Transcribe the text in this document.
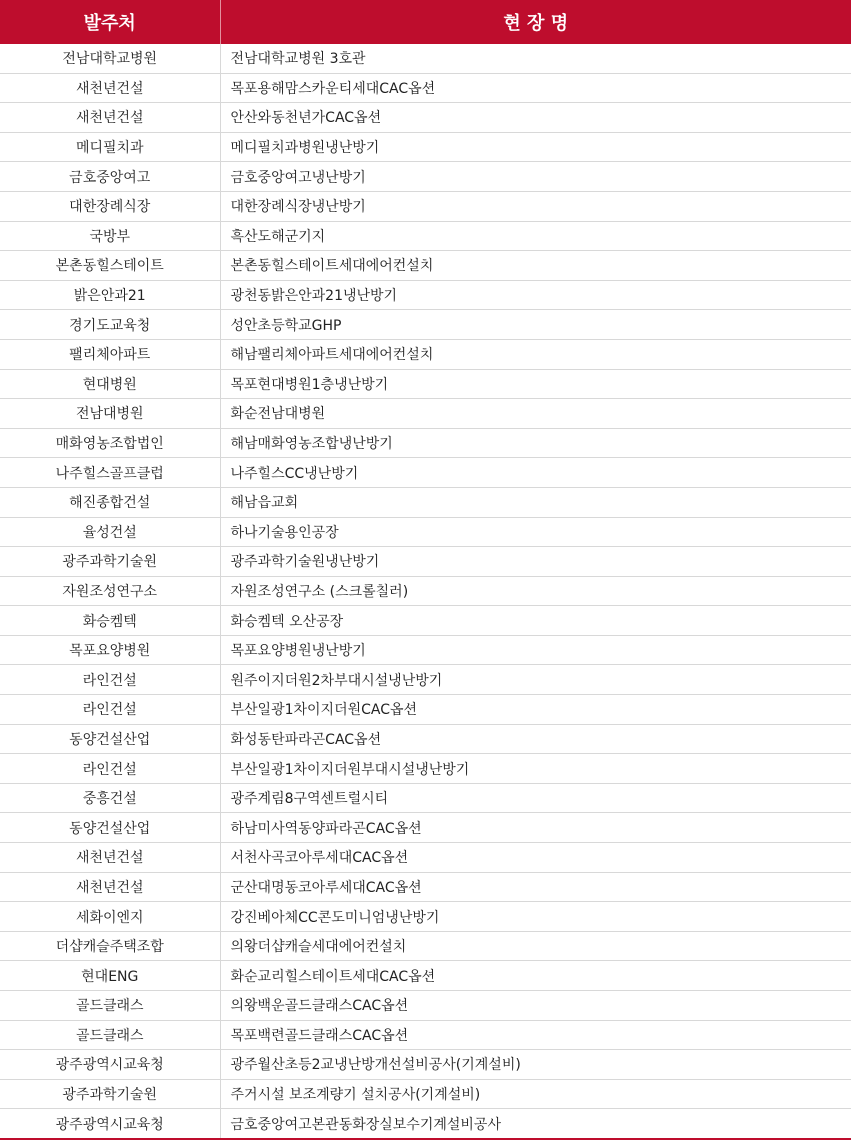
발주처	현 장 명
전남대학교병원	전남대학교병원 3호관
새천년건설	목포용해맘스카운티세대CAC옵션
새천년건설	안산와동천년가CAC옵션
메디필치과	메디필치과병원냉난방기
금호중앙여고	금호중앙여고냉난방기
대한장례식장	대한장례식장냉난방기
국방부	흑산도해군기지
본촌동힐스테이트	본촌동힐스테이트세대에어컨설치
밝은안과21	광천동밝은안과21냉난방기
경기도교육청	성안초등학교GHP
팰리체아파트	해남팰리체아파트세대에어컨설치
현대병원	목포현대병원1층냉난방기
전남대병원	화순전남대병원
매화영농조합법인	해남매화영농조합냉난방기
나주힐스골프클럽	나주힐스CC냉난방기
해진종합건설	해남읍교회
율성건설	하나기술용인공장
광주과학기술원	광주과학기술원냉난방기
자원조성연구소	자원조성연구소 (스크롤칠러)
화승켐텍	화승켐텍 오산공장
목포요양병원	목포요양병원냉난방기
라인건설	원주이지더원2차부대시설냉난방기
라인건설	부산일광1차이지더원CAC옵션
동양건설산업	화성동탄파라곤CAC옵션
라인건설	부산일광1차이지더원부대시설냉난방기
중흥건설	광주계림8구역센트럴시티
동양건설산업	하남미사역동양파라곤CAC옵션
새천년건설	서천사곡코아루세대CAC옵션
새천년건설	군산대명동코아루세대CAC옵션
세화이엔지	강진베아체CC콘도미니엄냉난방기
더샵캐슬주택조합	의왕더샵캐슬세대에어컨설치
현대ENG	화순교리힐스테이트세대CAC옵션
골드클래스	의왕백운골드클래스CAC옵션
골드클래스	목포백련골드클래스CAC옵션
광주광역시교육청	광주월산초등2교냉난방개선설비공사(기계설비)
광주과학기술원	주거시설 보조계량기 설치공사(기계설비)
광주광역시교육청	금호중앙여고본관동화장실보수기계설비공사
